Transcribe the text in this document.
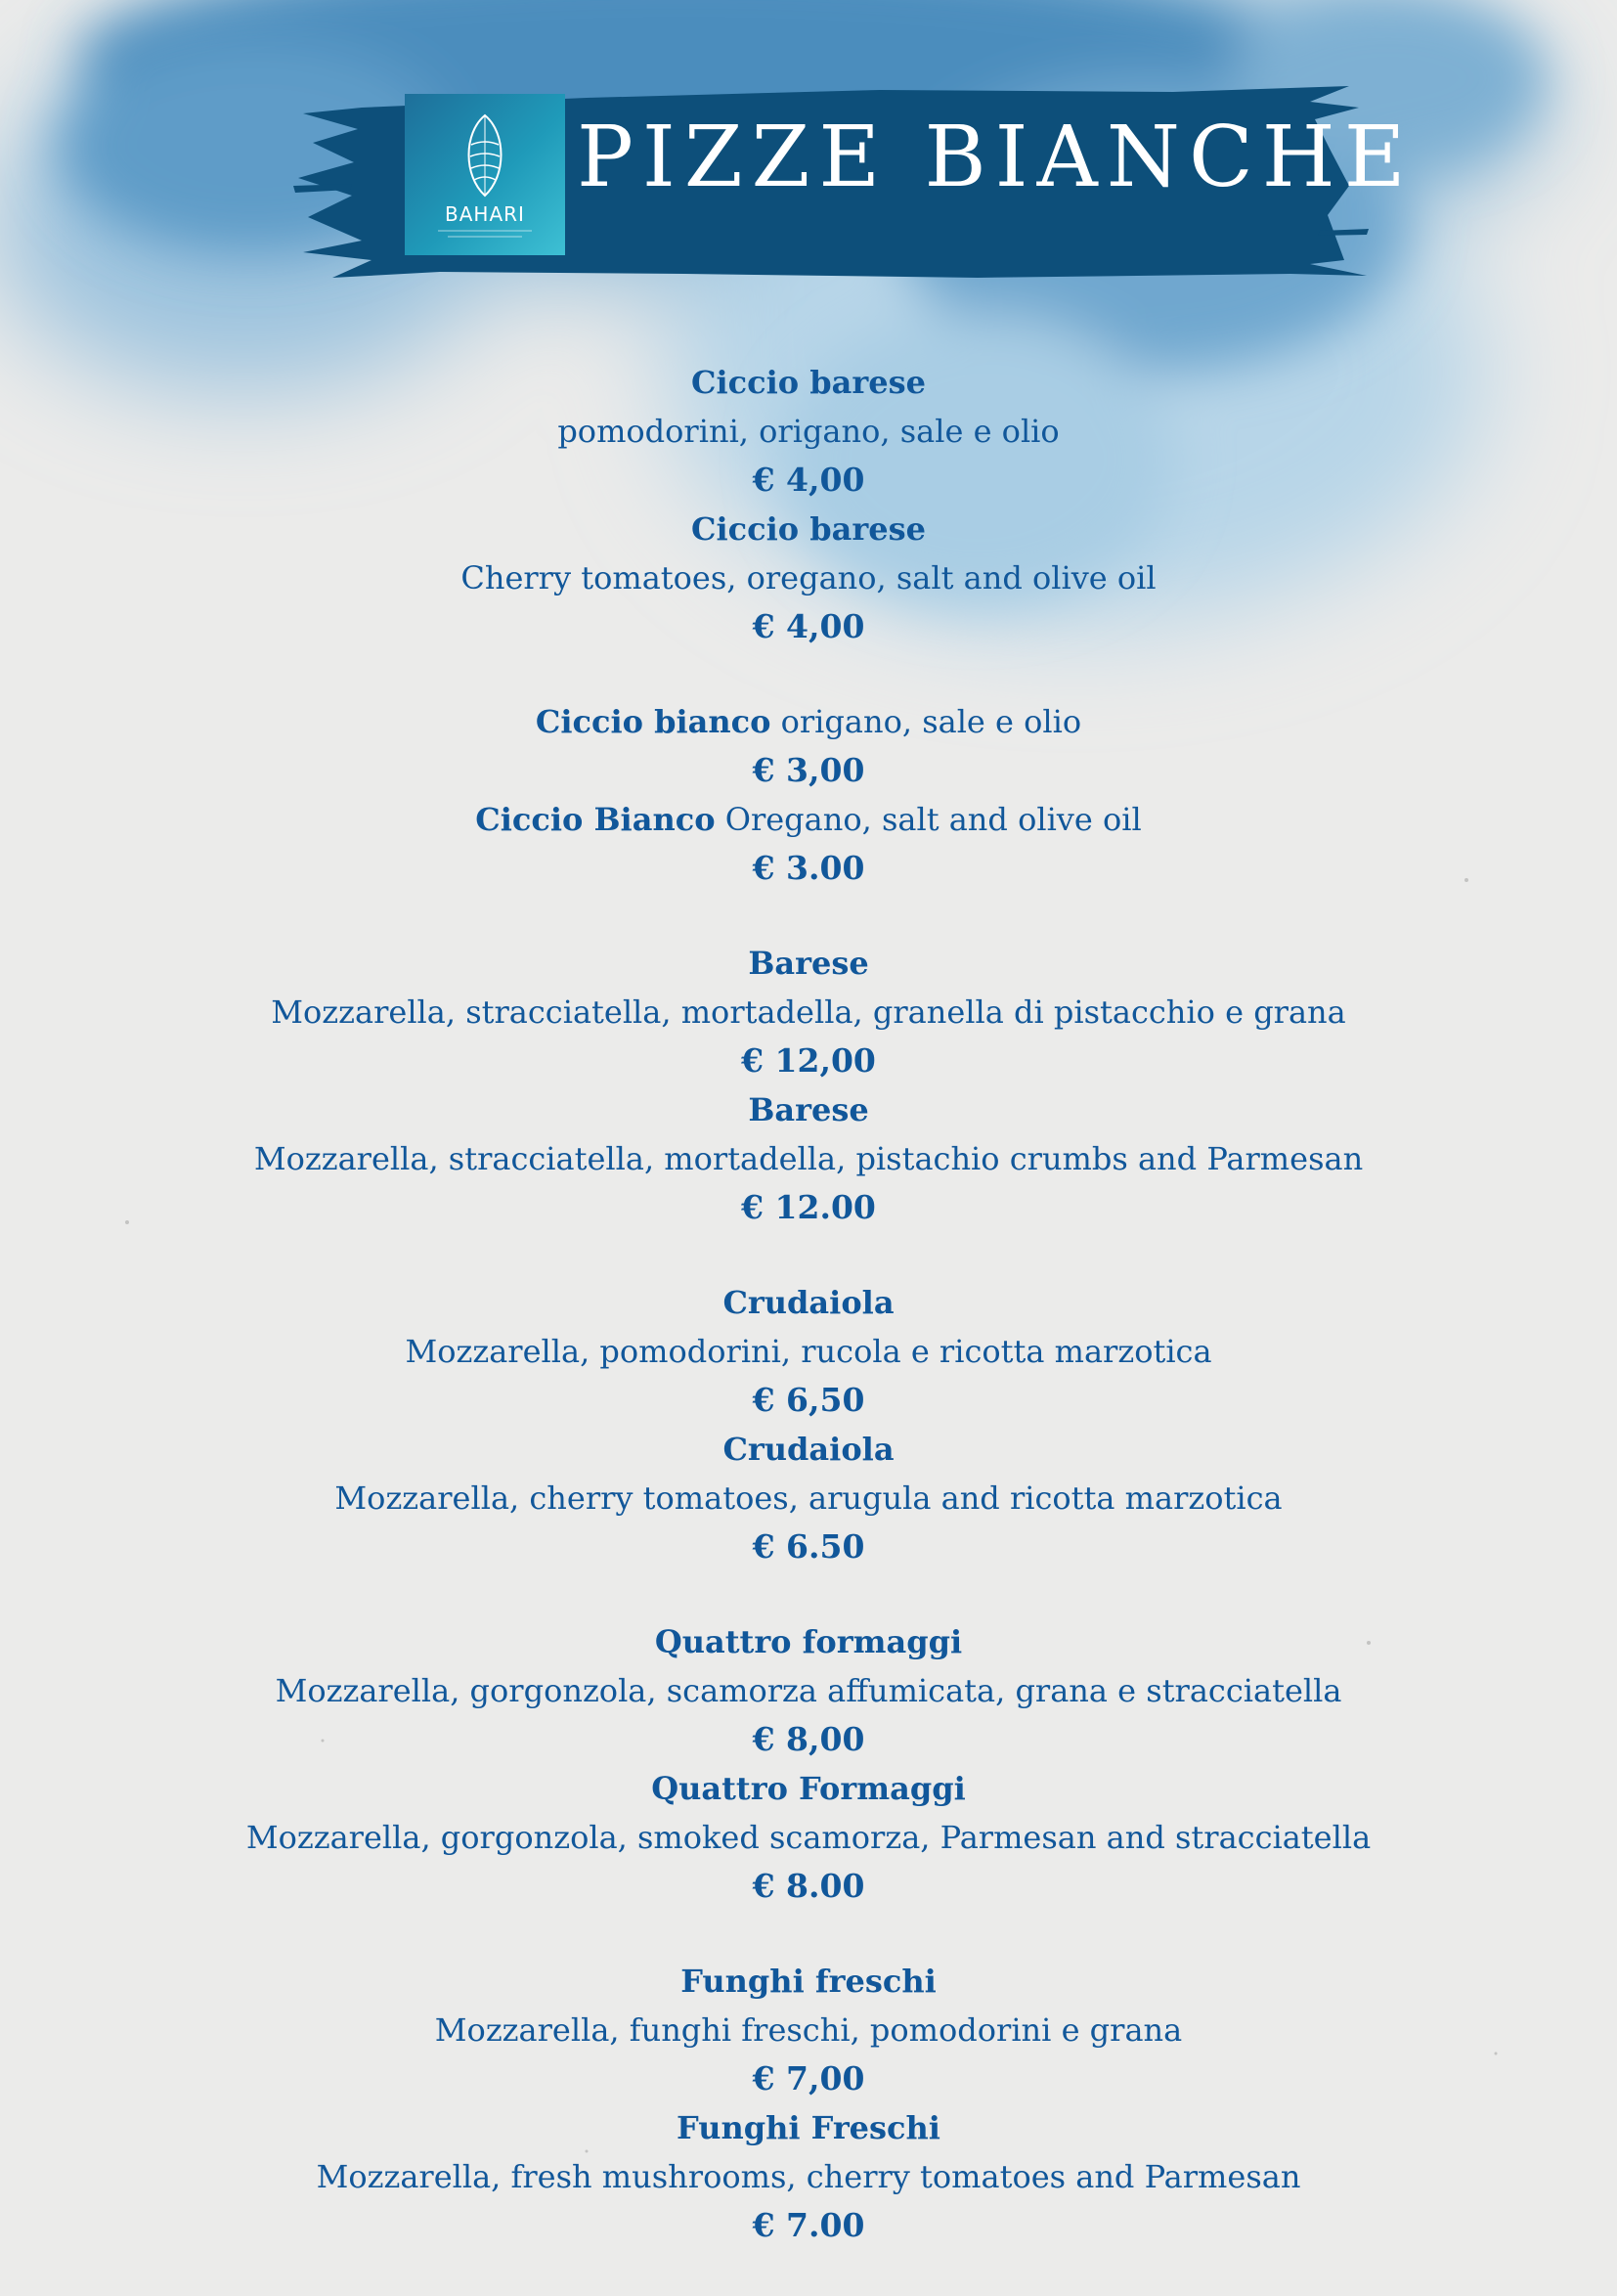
BAHARI
PIZZE BIANCHE
Ciccio barese
pomodorini, origano, sale e olio
€ 4,00
Ciccio barese
Cherry tomatoes, oregano, salt and olive oil
€ 4,00
Ciccio bianco origano, sale e olio
€ 3,00
Ciccio Bianco Oregano, salt and olive oil
€ 3.00
Barese
Mozzarella, stracciatella, mortadella, granella di pistacchio e grana
€ 12,00
Barese
Mozzarella, stracciatella, mortadella, pistachio crumbs and Parmesan
€ 12.00
Crudaiola
Mozzarella, pomodorini, rucola e ricotta marzotica
€ 6,50
Crudaiola
Mozzarella, cherry tomatoes, arugula and ricotta marzotica
€ 6.50
Quattro formaggi
Mozzarella, gorgonzola, scamorza affumicata, grana e stracciatella
€ 8,00
Quattro Formaggi
Mozzarella, gorgonzola, smoked scamorza, Parmesan and stracciatella
€ 8.00
Funghi freschi
Mozzarella, funghi freschi, pomodorini e grana
€ 7,00
Funghi Freschi
Mozzarella, fresh mushrooms, cherry tomatoes and Parmesan
€ 7.00
